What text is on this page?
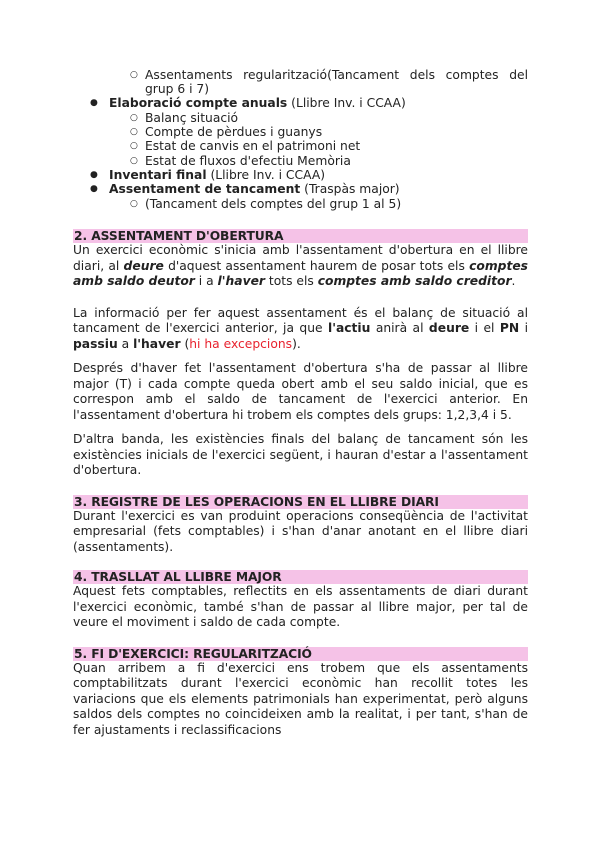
○ Assentaments regularització(Tancament dels comptes del grup 6 i 7)
● Elaboració compte anuals (Llibre Inv. i CCAA)
○ Balanç situació
○ Compte de pèrdues i guanys
○ Estat de canvis en el patrimoni net
○ Estat de fluxos d'efectiu Memòria
● Inventari final (Llibre Inv. i CCAA)
● Assentament de tancament (Traspàs major)
○ (Tancament dels comptes del grup 1 al 5)
2. ASSENTAMENT D'OBERTURA

Un exercici econòmic s'inicia amb l'assentament d'obertura en el llibre diari, al deure d'aquest assentament haurem de posar tots els comptes amb saldo deutor i a l'haver tots els comptes amb saldo creditor.

La informació per fer aquest assentament és el balanç de situació al tancament de l'exercici anterior, ja que l'actiu anirà al deure i el PN i passiu a l'haver (hi ha excepcions).

Després d'haver fet l'assentament d'obertura s'ha de passar al llibre major (T) i cada compte queda obert amb el seu saldo inicial, que es correspon amb el saldo de tancament de l'exercici anterior. En l'assentament d'obertura hi trobem els comptes dels grups: 1,2,3,4 i 5.

D'altra banda, les existències finals del balanç de tancament són les existències inicials de l'exercici següent, i hauran d'estar a l'assentament d'obertura.

3. REGISTRE DE LES OPERACIONS EN EL LLIBRE DIARI

Durant l'exercici es van produint operacions conseqüència de l'activitat empresarial (fets comptables) i s'han d'anar anotant en el llibre diari (assentaments).

4. TRASLLAT AL LLIBRE MAJOR

Aquest fets comptables, reflectits en els assentaments de diari durant l'exercici econòmic, també s'han de passar al llibre major, per tal de veure el moviment i saldo de cada compte.

5. FI D'EXERCICI: REGULARITZACIÓ

Quan arribem a fi d'exercici ens trobem que els assentaments comptabilitzats durant l'exercici econòmic han recollit totes les variacions que els elements patrimonials han experimentat, però alguns saldos dels comptes no coincideixen amb la realitat, i per tant, s'han de fer ajustaments i reclassificacions
